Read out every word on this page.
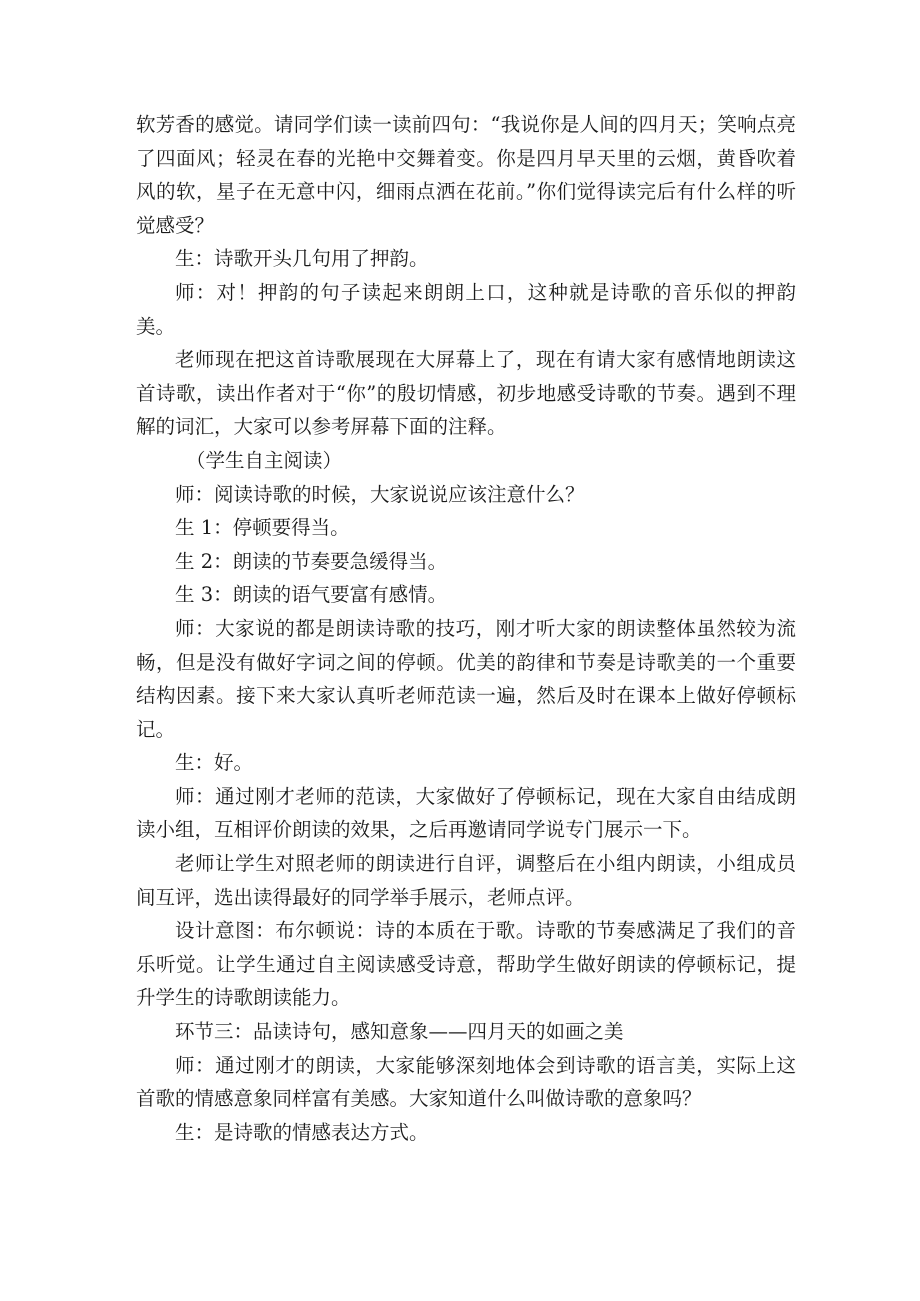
软芳香的感觉。请同学们读一读前四句：“我说你是人间的四月天；笑响点亮了四面风；轻灵在春的光艳中交舞着变。你是四月早天里的云烟，黄昏吹着风的软，星子在无意中闪，细雨点洒在花前。”你们觉得读完后有什么样的听觉感受？

生：诗歌开头几句用了押韵。

师：对！押韵的句子读起来朗朗上口，这种就是诗歌的音乐似的押韵美。

老师现在把这首诗歌展现在大屏幕上了，现在有请大家有感情地朗读这首诗歌，读出作者对于“你”的殷切情感，初步地感受诗歌的节奏。遇到不理解的词汇，大家可以参考屏幕下面的注释。

（学生自主阅读）

师：阅读诗歌的时候，大家说说应该注意什么？

生 1：停顿要得当。

生 2：朗读的节奏要急缓得当。

生 3：朗读的语气要富有感情。

师：大家说的都是朗读诗歌的技巧，刚才听大家的朗读整体虽然较为流畅，但是没有做好字词之间的停顿。优美的韵律和节奏是诗歌美的一个重要结构因素。接下来大家认真听老师范读一遍，然后及时在课本上做好停顿标记。

生：好。

师：通过刚才老师的范读，大家做好了停顿标记，现在大家自由结成朗读小组，互相评价朗读的效果，之后再邀请同学说专门展示一下。

老师让学生对照老师的朗读进行自评，调整后在小组内朗读，小组成员间互评，选出读得最好的同学举手展示，老师点评。

设计意图：布尔顿说：诗的本质在于歌。诗歌的节奏感满足了我们的音乐听觉。让学生通过自主阅读感受诗意，帮助学生做好朗读的停顿标记，提升学生的诗歌朗读能力。

环节三：品读诗句，感知意象——四月天的如画之美

师：通过刚才的朗读，大家能够深刻地体会到诗歌的语言美，实际上这首歌的情感意象同样富有美感。大家知道什么叫做诗歌的意象吗？

生：是诗歌的情感表达方式。
